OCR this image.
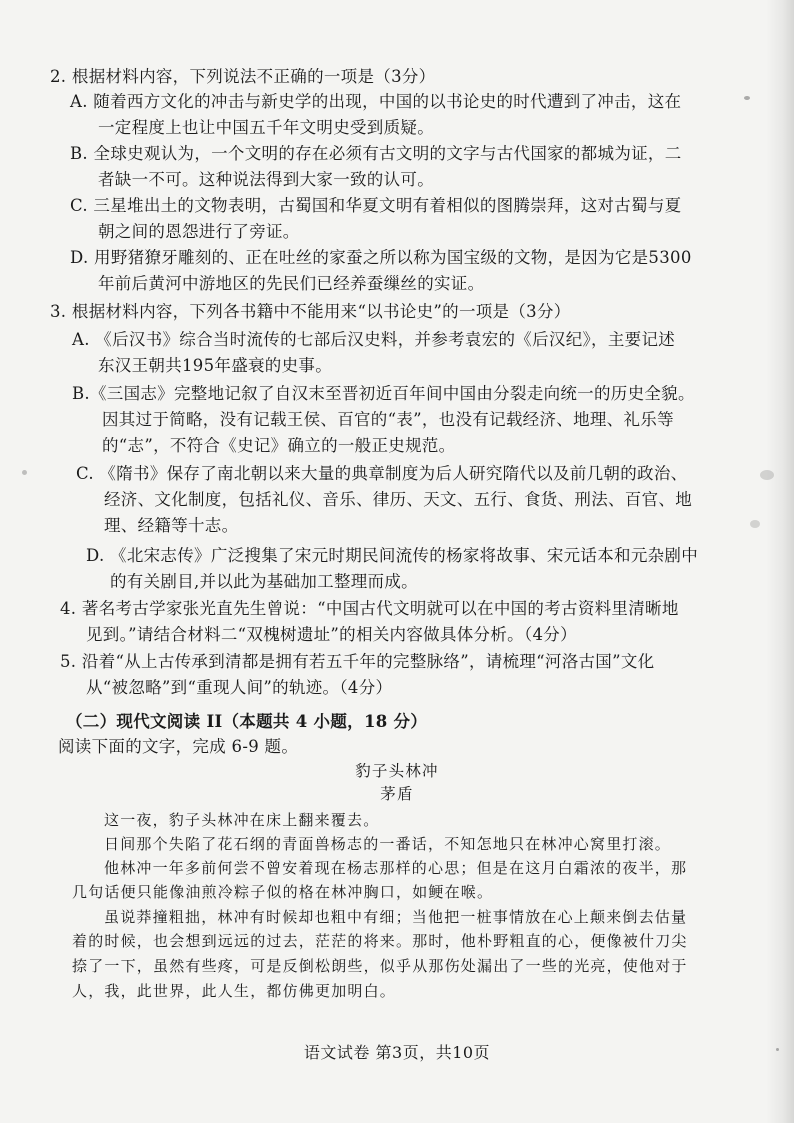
2. 根据材料内容，下列说法不正确的一项是（3分）
A. 随着西方文化的冲击与新史学的出现，中国的以书论史的时代遭到了冲击，这在
一定程度上也让中国五千年文明史受到质疑。
B. 全球史观认为，一个文明的存在必须有古文明的文字与古代国家的都城为证，二
者缺一不可。这种说法得到大家一致的认可。
C. 三星堆出土的文物表明，古蜀国和华夏文明有着相似的图腾崇拜，这对古蜀与夏
朝之间的恩怨进行了旁证。
D. 用野猪獠牙雕刻的、正在吐丝的家蚕之所以称为国宝级的文物，是因为它是5300
年前后黄河中游地区的先民们已经养蚕缫丝的实证。
3. 根据材料内容，下列各书籍中不能用来“以书论史”的一项是（3分）
A. 《后汉书》综合当时流传的七部后汉史料，并参考袁宏的《后汉纪》，主要记述
东汉王朝共195年盛衰的史事。
B.《三国志》完整地记叙了自汉末至晋初近百年间中国由分裂走向统一的历史全貌。
因其过于简略，没有记载王侯、百官的“表”，也没有记载经济、地理、礼乐等
的“志”，不符合《史记》确立的一般正史规范。
C. 《隋书》保存了南北朝以来大量的典章制度为后人研究隋代以及前几朝的政治、
经济、文化制度，包括礼仪、音乐、律历、天文、五行、食货、刑法、百官、地
理、经籍等十志。
D. 《北宋志传》广泛搜集了宋元时期民间流传的杨家将故事、宋元话本和元杂剧中
的有关剧目,并以此为基础加工整理而成。
4. 著名考古学家张光直先生曾说：“中国古代文明就可以在中国的考古资料里清晰地
见到。”请结合材料二“双槐树遗址”的相关内容做具体分析。（4分）
5. 沿着“从上古传承到清都是拥有若五千年的完整脉络”，请梳理“河洛古国”文化
从“被忽略”到“重现人间”的轨迹。（4分）
（二）现代文阅读 II（本题共 4 小题，18 分）
阅读下面的文字，完成 6-9 题。
豹子头林冲
茅盾
这一夜，豹子头林冲在床上翻来覆去。
日间那个失陷了花石纲的青面兽杨志的一番话，不知怎地只在林冲心窝里打滚。
他林冲一年多前何尝不曾安着现在杨志那样的心思；但是在这月白霜浓的夜半，那
几句话便只能像油煎冷粽子似的格在林冲胸口，如鲠在喉。
虽说莽撞粗拙，林冲有时候却也粗中有细；当他把一桩事情放在心上颠来倒去估量
着的时候，也会想到远远的过去，茫茫的将来。那时，他朴野粗直的心，便像被什刀尖
捺了一下，虽然有些疼，可是反倒松朗些，似乎从那伤处漏出了一些的光亮，使他对于
人，我，此世界，此人生，都仿佛更加明白。
语文试卷 第3页，共10页
